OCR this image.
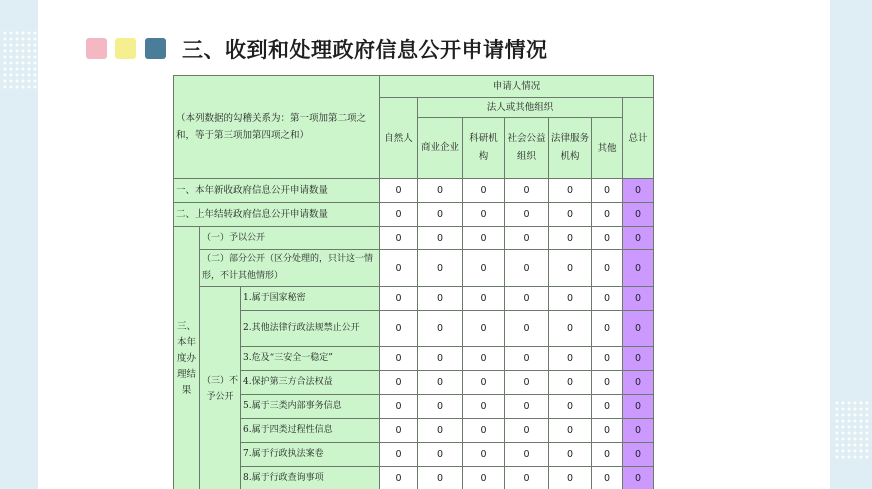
三、收到和处理政府信息公开申请情况
（本列数据的勾稽关系为：第一项加第二项之和，等于第三项加第四项之和）			申请人情况						
			自然人	法人或其他组织					总计
				商业企业	科研机构	社会公益组织	法律服务机构	其他	
一、本年新收政府信息公开申请数量			0	0	0	0	0	0	0
二、上年结转政府信息公开申请数量			0	0	0	0	0	0	0
三、本年度办理结果	（一）予以公开		0	0	0	0	0	0	0
	（二）部分公开（区分处理的，只计这一情形，不计其他情形）		0	0	0	0	0	0	0
	（三）不予公开	1.属于国家秘密	0	0	0	0	0	0	0
		2.其他法律行政法规禁止公开	0	0	0	0	0	0	0
		3.危及“三安全一稳定”	0	0	0	0	0	0	0
		4.保护第三方合法权益	0	0	0	0	0	0	0
		5.属于三类内部事务信息	0	0	0	0	0	0	0
		6.属于四类过程性信息	0	0	0	0	0	0	0
		7.属于行政执法案卷	0	0	0	0	0	0	0
		8.属于行政查询事项	0	0	0	0	0	0	0
